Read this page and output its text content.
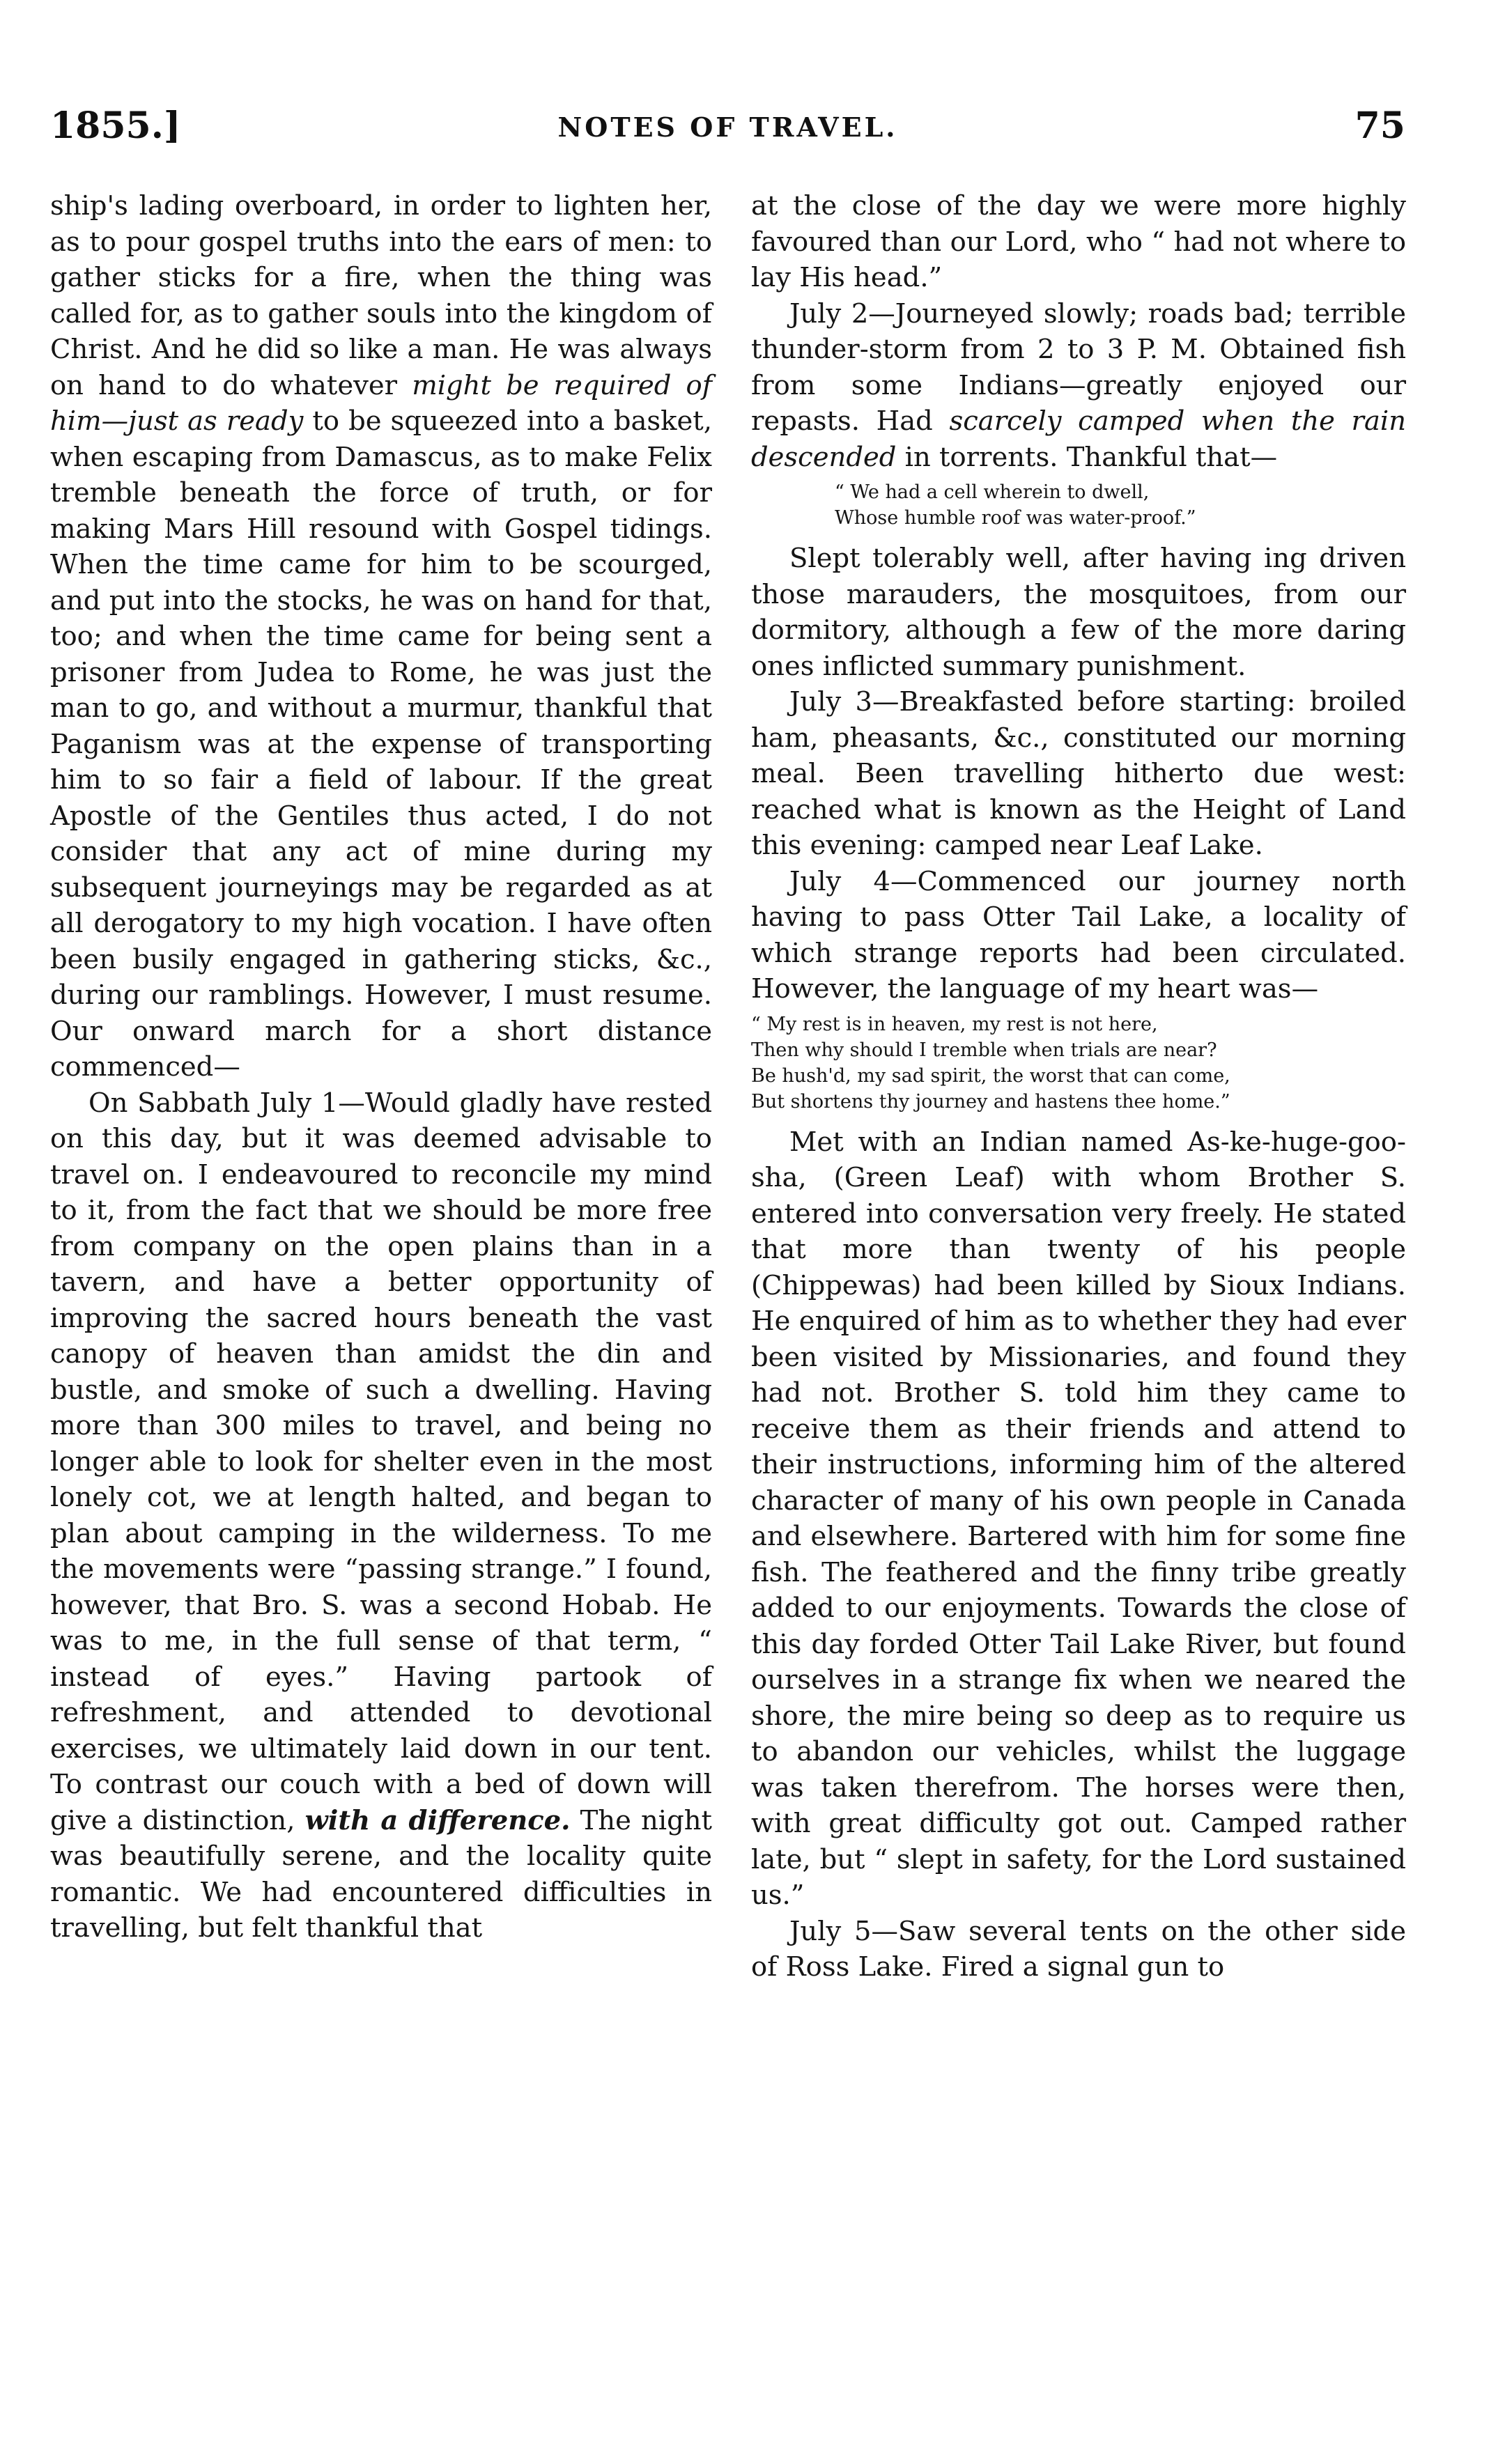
1855.]	NOTES OF TRAVEL.	75

ship's lading overboard, in order to lighten her, as to pour gospel truths into the ears of men: to gather sticks for a fire, when the thing was called for, as to gather souls into the kingdom of Christ. And he did so like a man. He was always on hand to do whatever might be required of him—just as ready to be squeezed into a basket, when escaping from Damascus, as to make Felix tremble beneath the force of truth, or for making Mars Hill resound with Gospel tidings. When the time came for him to be scourged, and put into the stocks, he was on hand for that, too; and when the time came for being sent a prisoner from Judea to Rome, he was just the man to go, and without a murmur, thankful that Paganism was at the expense of transporting him to so fair a field of labour. If the great Apostle of the Gentiles thus acted, I do not consider that any act of mine during my subsequent journeyings may be regarded as at all derogatory to my high vocation. I have often been busily engaged in gathering sticks, &c., during our ramblings. However, I must resume. Our onward march for a short distance commenced—

On Sabbath July 1—Would gladly have rested on this day, but it was deemed advisable to travel on. I endeavoured to reconcile my mind to it, from the fact that we should be more free from company on the open plains than in a tavern, and have a better opportunity of improving the sacred hours beneath the vast canopy of heaven than amidst the din and bustle, and smoke of such a dwelling. Having more than 300 miles to travel, and being no longer able to look for shelter even in the most lonely cot, we at length halted, and began to plan about camping in the wilderness. To me the movements were “passing strange.” I found, however, that Bro. S. was a second Hobab. He was to me, in the full sense of that term, “ instead of eyes.” Having partook of refreshment, and attended to devotional exercises, we ultimately laid down in our tent. To contrast our couch with a bed of down will give a distinction, with a difference. The night was beautifully serene, and the locality quite romantic. We had encountered difficulties in travelling, but felt thankful that

at the close of the day we were more highly favoured than our Lord, who “ had not where to lay His head.”

July 2—Journeyed slowly; roads bad; terrible thunder-storm from 2 to 3 P. M. Obtained fish from some Indians—greatly enjoyed our repasts. Had scarcely camped when the rain descended in torrents. Thankful that—

“ We had a cell wherein to dwell,
Whose humble roof was water-proof.”

Slept tolerably well, after having ing driven those marauders, the mosquitoes, from our dormitory, although a few of the more daring ones inflicted summary punishment.

July 3—Breakfasted before starting: broiled ham, pheasants, &c., constituted our morning meal. Been travelling hitherto due west: reached what is known as the Height of Land this evening: camped near Leaf Lake.

July 4—Commenced our journey north having to pass Otter Tail Lake, a locality of which strange reports had been circulated. However, the language of my heart was—

“ My rest is in heaven, my rest is not here,
Then why should I tremble when trials are near?
Be hush'd, my sad spirit, the worst that can come,
But shortens thy journey and hastens thee home.”

Met with an Indian named As-ke-huge-goo-sha, (Green Leaf) with whom Brother S. entered into conversation very freely. He stated that more than twenty of his people (Chippewas) had been killed by Sioux Indians. He enquired of him as to whether they had ever been visited by Missionaries, and found they had not. Brother S. told him they came to receive them as their friends and attend to their instructions, informing him of the altered character of many of his own people in Canada and elsewhere. Bartered with him for some fine fish. The feathered and the finny tribe greatly added to our enjoyments. Towards the close of this day forded Otter Tail Lake River, but found ourselves in a strange fix when we neared the shore, the mire being so deep as to require us to abandon our vehicles, whilst the luggage was taken therefrom. The horses were then, with great difficulty got out. Camped rather late, but “ slept in safety, for the Lord sustained us.”

July 5—Saw several tents on the other side of Ross Lake. Fired a signal gun to
